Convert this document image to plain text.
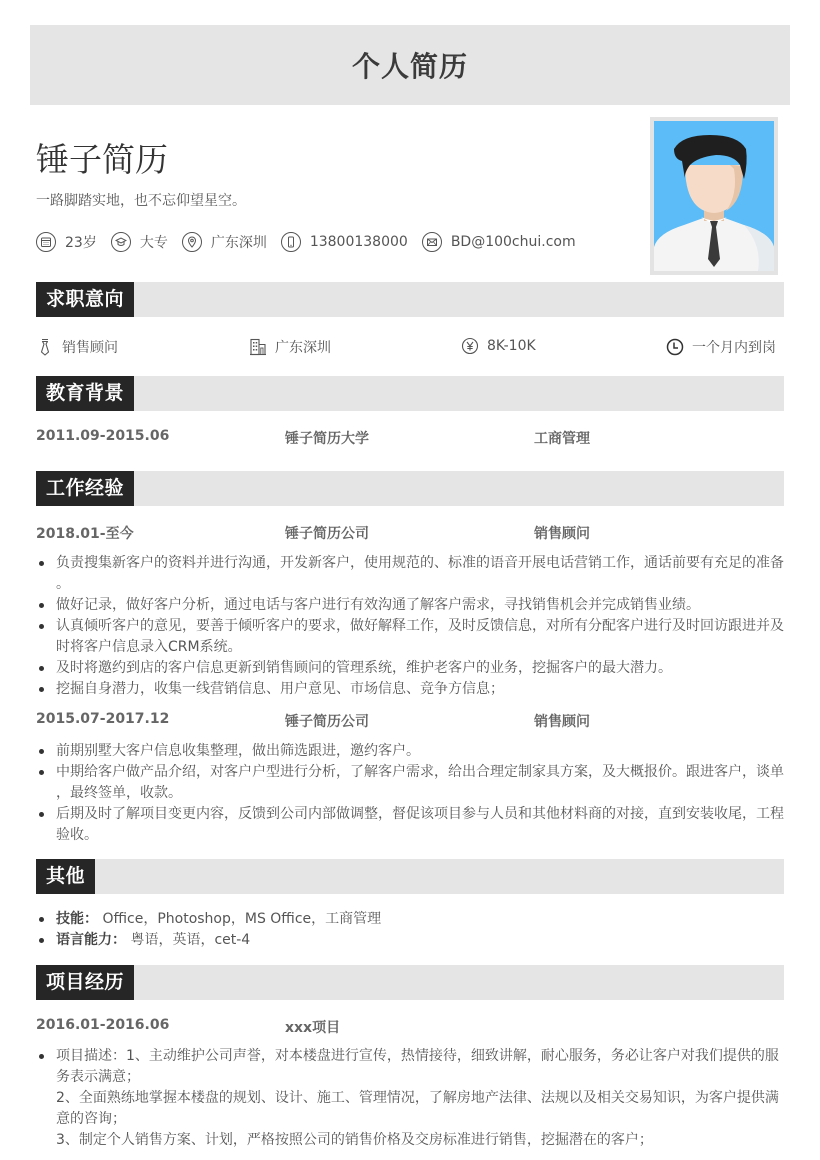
个人简历
锤子简历
一路脚踏实地，也不忘仰望星空。
23岁	大专	广东深圳	13800138000	BD@100chui.com
求职意向
销售顾问	广东深圳	8K-10K	一个月内到岗
教育背景
2011.09-2015.06	锤子简历大学	工商管理
工作经验
2018.01-至今	锤子简历公司	销售顾问
负责搜集新客户的资料并进行沟通，开发新客户，使用规范的、标准的语音开展电话营销工作，通话前要有充足的准备
。
做好记录，做好客户分析，通过电话与客户进行有效沟通了解客户需求，寻找销售机会并完成销售业绩。
认真倾听客户的意见，要善于倾听客户的要求，做好解释工作，及时反馈信息，对所有分配客户进行及时回访跟进并及
时将客户信息录入CRM系统。
及时将邀约到店的客户信息更新到销售顾问的管理系统，维护老客户的业务，挖掘客户的最大潜力。
挖掘自身潜力，收集一线营销信息、用户意见、市场信息、竞争方信息；
2015.07-2017.12	锤子简历公司	销售顾问
前期别墅大客户信息收集整理，做出筛选跟进，邀约客户。
中期给客户做产品介绍，对客户户型进行分析，了解客户需求，给出合理定制家具方案，及大概报价。跟进客户，谈单
，最终签单，收款。
后期及时了解项目变更内容，反馈到公司内部做调整，督促该项目参与人员和其他材料商的对接，直到安装收尾，工程
验收。
其他
技能： Office，Photoshop，MS Office，工商管理
语言能力： 粤语，英语，cet-4
项目经历
2016.01-2016.06	xxx项目
项目描述：1、主动维护公司声誉，对本楼盘进行宣传，热情接待，细致讲解，耐心服务，务必让客户对我们提供的服
务表示满意；
2、全面熟练地掌握本楼盘的规划、设计、施工、管理情况，了解房地产法律、法规以及相关交易知识，为客户提供满
意的咨询；
3、制定个人销售方案、计划，严格按照公司的销售价格及交房标准进行销售，挖掘潜在的客户；
